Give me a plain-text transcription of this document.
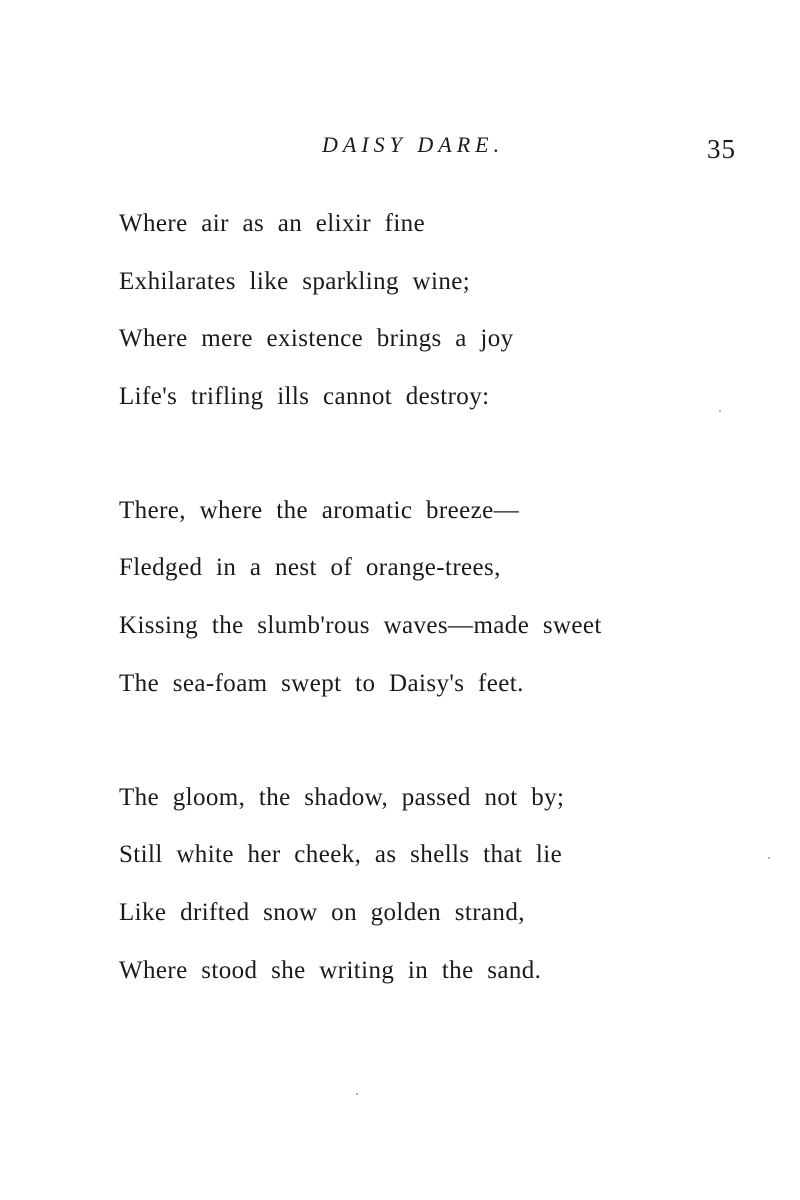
DAISY DARE.	35
Where air as an elixir fine
Exhilarates like sparkling wine;
Where mere existence brings a joy
Life's trifling ills cannot destroy:
There, where the aromatic breeze—
Fledged in a nest of orange-trees,
Kissing the slumb'rous waves—made sweet
The sea-foam swept to Daisy's feet.
The gloom, the shadow, passed not by;
Still white her cheek, as shells that lie
Like drifted snow on golden strand,
Where stood she writing in the sand.
